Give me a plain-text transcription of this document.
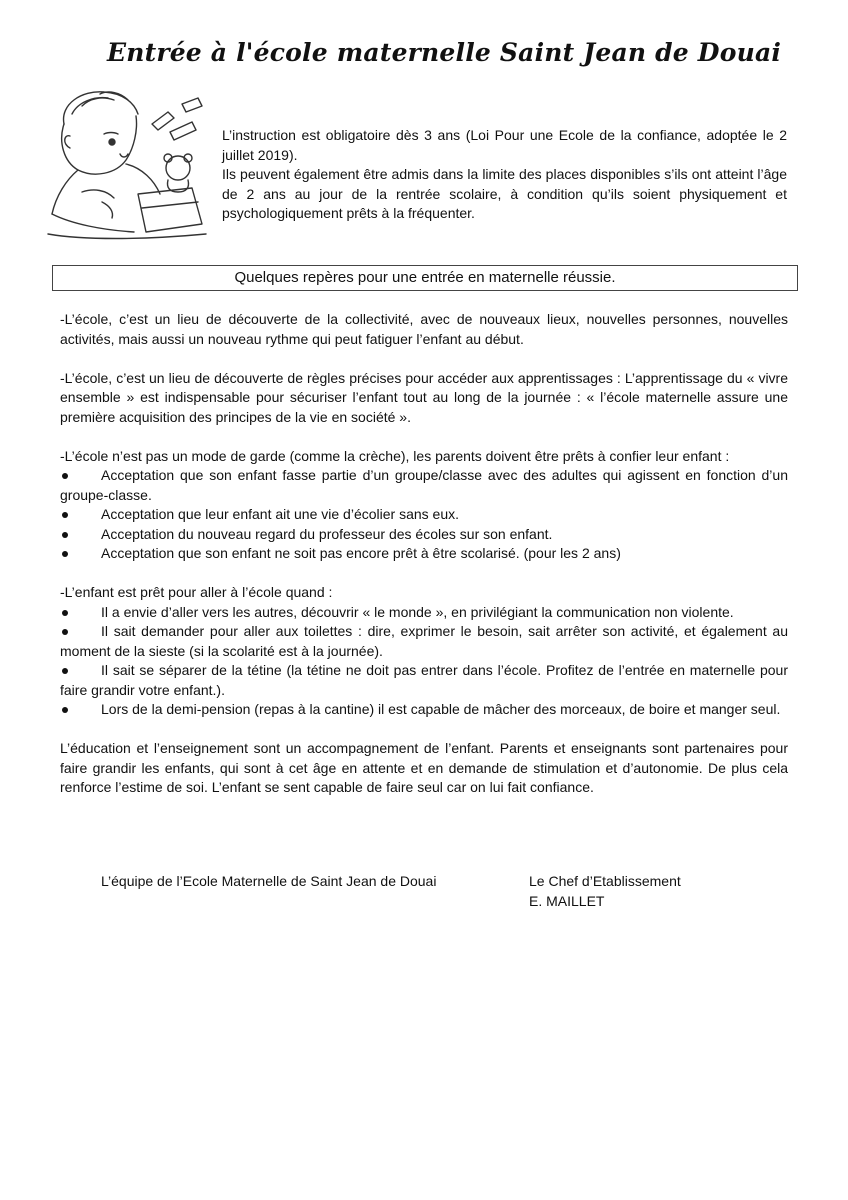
Entrée à l'école maternelle Saint Jean de Douai

L’instruction est obligatoire dès 3 ans (Loi Pour une Ecole de la confiance, adoptée le 2 juillet 2019).

Ils peuvent également être admis dans la limite des places disponibles s’ils ont atteint l’âge de 2 ans au jour de la rentrée scolaire, à condition qu’ils soient physiquement et psychologiquement prêts à la fréquenter.

Quelques repères pour une entrée en maternelle réussie.

-L’école, c’est un lieu de découverte de la collectivité, avec de nouveaux lieux, nouvelles personnes, nouvelles activités, mais aussi un nouveau rythme qui peut fatiguer l’enfant au début.

-L’école, c’est un lieu de découverte de règles précises pour accéder aux apprentissages : L’apprentissage du « vivre ensemble » est indispensable pour sécuriser l’enfant tout au long de la journée : « l’école maternelle assure une première acquisition des principes de la vie en société ».

-L’école n’est pas un mode de garde (comme la crèche), les parents doivent être prêts à confier leur enfant :

Acceptation que son enfant fasse partie d’un groupe/classe avec des adultes qui agissent en fonction d’un groupe-classe.
Acceptation que leur enfant ait une vie d’écolier sans eux.
Acceptation du nouveau regard du professeur des écoles sur son enfant.
Acceptation que son enfant ne soit pas encore prêt à être scolarisé. (pour les 2 ans)

-L’enfant est prêt pour aller à l’école quand :

Il a envie d’aller vers les autres, découvrir « le monde », en privilégiant la communication non violente.
Il sait demander pour aller aux toilettes : dire, exprimer le besoin, sait arrêter son activité, et également au moment de la sieste (si la scolarité est à la journée).
Il sait se séparer de la tétine (la tétine ne doit pas entrer dans l’école. Profitez de l’entrée en maternelle pour faire grandir votre enfant.).
Lors de la demi-pension (repas à la cantine) il est capable de mâcher des morceaux, de boire et manger seul.

L’éducation et l’enseignement sont un accompagnement de l’enfant. Parents et enseignants sont partenaires pour faire grandir les enfants, qui sont à cet âge en attente et en demande de stimulation et d’autonomie. De plus cela renforce l’estime de soi. L’enfant se sent capable de faire seul car on lui fait confiance.

L’équipe de l’Ecole Maternelle de Saint Jean de Douai	Le Chef d’Etablissement
E. MAILLET
